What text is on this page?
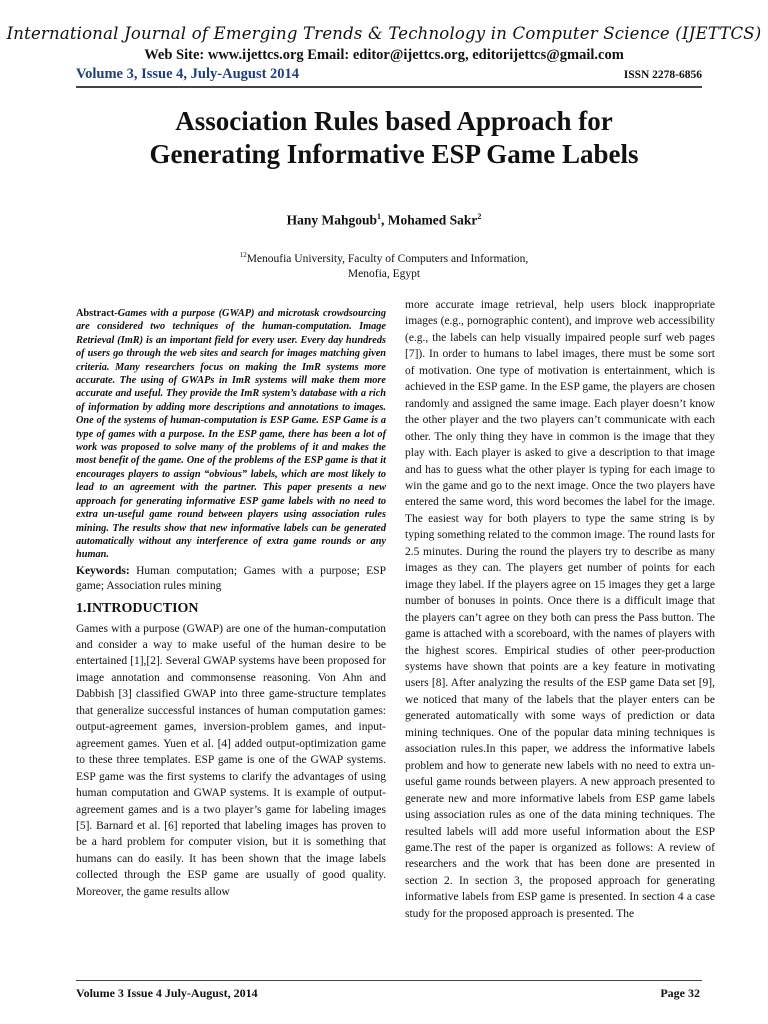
International Journal of Emerging Trends & Technology in Computer Science (IJETTCS)
Web Site: www.ijettcs.org Email: editor@ijettcs.org, editorijettcs@gmail.com
Volume 3, Issue 4, July-August 2014	ISSN 2278-6856
Association Rules based Approach for
Generating Informative ESP Game Labels
Hany Mahgoub$^1$, Mohamed Sakr$^2$
$^{12}$Menoufia University, Faculty of Computers and Information,
Menofia, Egypt

Abstract-Games with a purpose (GWAP) and microtask crowdsourcing are considered two techniques of the human-computation. Image Retrieval (ImR) is an important field for every user. Every day hundreds of users go through the web sites and search for images matching given criteria. Many researchers focus on making the ImR systems more accurate. The using of GWAPs in ImR systems will make them more accurate and useful. They provide the ImR system’s database with a rich of information by adding more descriptions and annotations to images. One of the systems of human-computation is ESP Game. ESP Game is a type of games with a purpose. In the ESP game, there has been a lot of work was proposed to solve many of the problems of it and makes the most benefit of the game. One of the problems of the ESP game is that it encourages players to assign “obvious” labels, which are most likely to lead to an agreement with the partner. This paper presents a new approach for generating informative ESP game labels with no need to extra un-useful game round between players using association rules mining. The results show that new informative labels can be generated automatically without any interference of extra game rounds or any human.

Keywords: Human computation; Games with a purpose; ESP game; Association rules mining

1.INTRODUCTION

Games with a purpose (GWAP) are one of the human-computation and consider a way to make useful of the human desire to be entertained [1],[2]. Several GWAP systems have been proposed for image annotation and commonsense reasoning. Von Ahn and Dabbish [3] classified GWAP into three game-structure templates that generalize successful instances of human computation games: output-agreement games, inversion-problem games, and input-agreement games. Yuen et al. [4] added output-optimization game to these three templates. ESP game is one of the GWAP systems. ESP game was the first systems to clarify the advantages of using human computation and GWAP systems. It is example of output-agreement games and is a two player’s game for labeling images [5]. Barnard et al. [6] reported that labeling images has proven to be a hard problem for computer vision, but it is something that humans can do easily. It has been shown that the image labels collected through the ESP game are usually of good quality. Moreover, the game results allow

more accurate image retrieval, help users block inappropriate images (e.g., pornographic content), and improve web accessibility (e.g., the labels can help visually impaired people surf web pages [7]). In order to humans to label images, there must be some sort of motivation. One type of motivation is entertainment, which is achieved in the ESP game. In the ESP game, the players are chosen randomly and assigned the same image. Each player doesn’t know the other player and the two players can’t communicate with each other. The only thing they have in common is the image that they play with. Each player is asked to give a description to that image and has to guess what the other player is typing for each image to win the game and go to the next image. Once the two players have entered the same word, this word becomes the label for the image. The easiest way for both players to type the same string is by typing something related to the common image. The round lasts for 2.5 minutes. During the round the players try to describe as many images as they can. The players get number of points for each image they label. If the players agree on 15 images they get a large number of bonuses in points. Once there is a difficult image that the players can’t agree on they both can press the Pass button. The game is attached with a scoreboard, with the names of players with the highest scores. Empirical studies of other peer-production systems have shown that points are a key feature in motivating users [8]. After analyzing the results of the ESP game Data set [9], we noticed that many of the labels that the player enters can be generated automatically with some ways of prediction or data mining techniques. One of the popular data mining techniques is association rules.In this paper, we address the informative labels problem and how to generate new labels with no need to extra un-useful game rounds between players. A new approach presented to generate new and more informative labels from ESP game labels using association rules as one of the data mining techniques. The resulted labels will add more useful information about the ESP game.The rest of the paper is organized as follows: A review of researchers and the work that has been done are presented in section 2. In section 3, the proposed approach for generating informative labels from ESP game is presented. In section 4 a case study for the proposed approach is presented. The

Volume 3 Issue 4 July-August, 2014	Page 32
